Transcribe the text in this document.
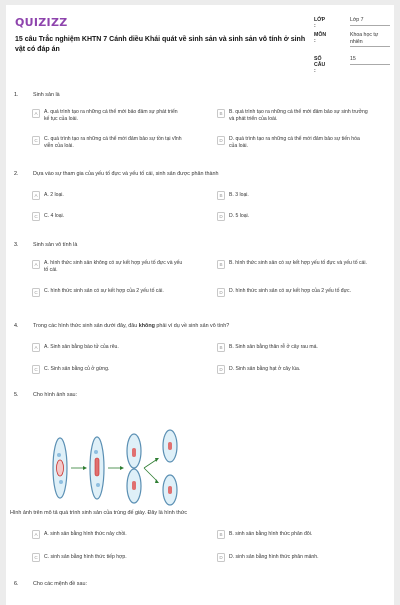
QUIZIZZ
15 câu Trắc nghiệm KHTN 7 Cánh diều Khái quát về sinh sản và sinh sản vô tính ở sinh vật có đáp án
LỚP :
Lớp 7
MÔN :
Khoa học tự nhiên
SỐ CÂU :
15
1.	Sinh sản là
A	A. quá trình tạo ra những cá thể mới bảo đảm sự phát triển kế tục của loài.
B	B. quá trình tạo ra những cá thể mới đảm bảo sự sinh trưởng và phát triển của loài.
C	C. quá trình tạo ra những cá thể mới đảm bảo sự tồn tại vĩnh viễn của loài.
D	D. quá trình tạo ra những cá thể mới đảm bảo sự tiến hóa của loài.
2.	Dựa vào sự tham gia của yếu tố đực và yếu tố cái, sinh sản được phân thành
A	A. 2 loại.	B	B. 3 loại.
C	C. 4 loại.	D	D. 5 loại.
3.	Sinh sản vô tính là
A	A. hình thức sinh sản không có sự kết hợp yếu tố đực và yếu tố cái.
B	B. hình thức sinh sản có sự kết hợp yếu tố đực và yếu tố cái.
C	C. hình thức sinh sản có sự kết hợp của 2 yếu tố cái.	D	D. hình thức sinh sản có sự kết hợp của 2 yếu tố đực.
4.	Trong các hình thức sinh sản dưới đây, đâu không phải ví dụ về sinh sản vô tính?
A	A. Sinh sản bằng bào tử của rêu.	B	B. Sinh sản bằng thân rễ ở cây rau má.
C	C. Sinh sản bằng củ ở gừng.	D	D. Sinh sản bằng hạt ở cây lúa.
5.	Cho hình ảnh sau:
Hình ảnh trên mô tả quá trình sinh sản của trùng đế giày. Đây là hình thức
A	A. sinh sản bằng hình thức nảy chồi.	B	B. sinh sản bằng hình thức phân đôi.
C	C. sinh sản bằng hình thức tiếp hợp.	D	D. sinh sản bằng hình thức phân mảnh.
6.	Cho các mệnh đề sau:
